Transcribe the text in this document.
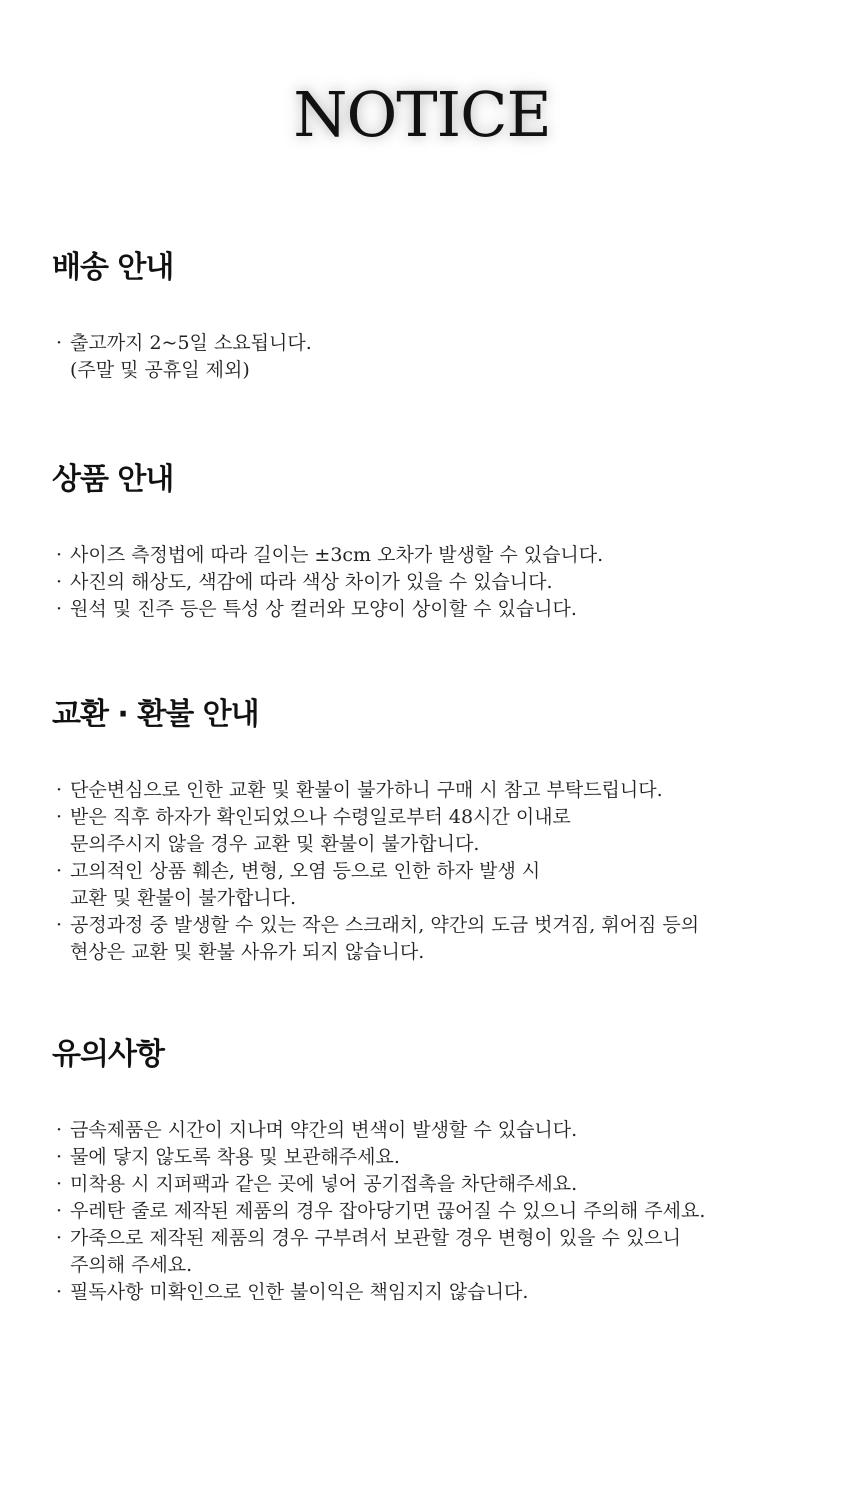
NOTICE
배송 안내
· 출고까지 2~5일 소요됩니다.
(주말 및 공휴일 제외)
상품 안내
· 사이즈 측정법에 따라 길이는 ±3cm 오차가 발생할 수 있습니다.
· 사진의 해상도, 색감에 따라 색상 차이가 있을 수 있습니다.
· 원석 및 진주 등은 특성 상 컬러와 모양이 상이할 수 있습니다.
교환 · 환불 안내
· 단순변심으로 인한 교환 및 환불이 불가하니 구매 시 참고 부탁드립니다.
· 받은 직후 하자가 확인되었으나 수령일로부터 48시간 이내로
문의주시지 않을 경우 교환 및 환불이 불가합니다.
· 고의적인 상품 훼손, 변형, 오염 등으로 인한 하자 발생 시
교환 및 환불이 불가합니다.
· 공정과정 중 발생할 수 있는 작은 스크래치, 약간의 도금 벗겨짐, 휘어짐 등의
현상은 교환 및 환불 사유가 되지 않습니다.
유의사항
· 금속제품은 시간이 지나며 약간의 변색이 발생할 수 있습니다.
· 물에 닿지 않도록 착용 및 보관해주세요.
· 미착용 시 지퍼팩과 같은 곳에 넣어 공기접촉을 차단해주세요.
· 우레탄 줄로 제작된 제품의 경우 잡아당기면 끊어질 수 있으니 주의해 주세요.
· 가죽으로 제작된 제품의 경우 구부려서 보관할 경우 변형이 있을 수 있으니
주의해 주세요.
· 필독사항 미확인으로 인한 불이익은 책임지지 않습니다.
